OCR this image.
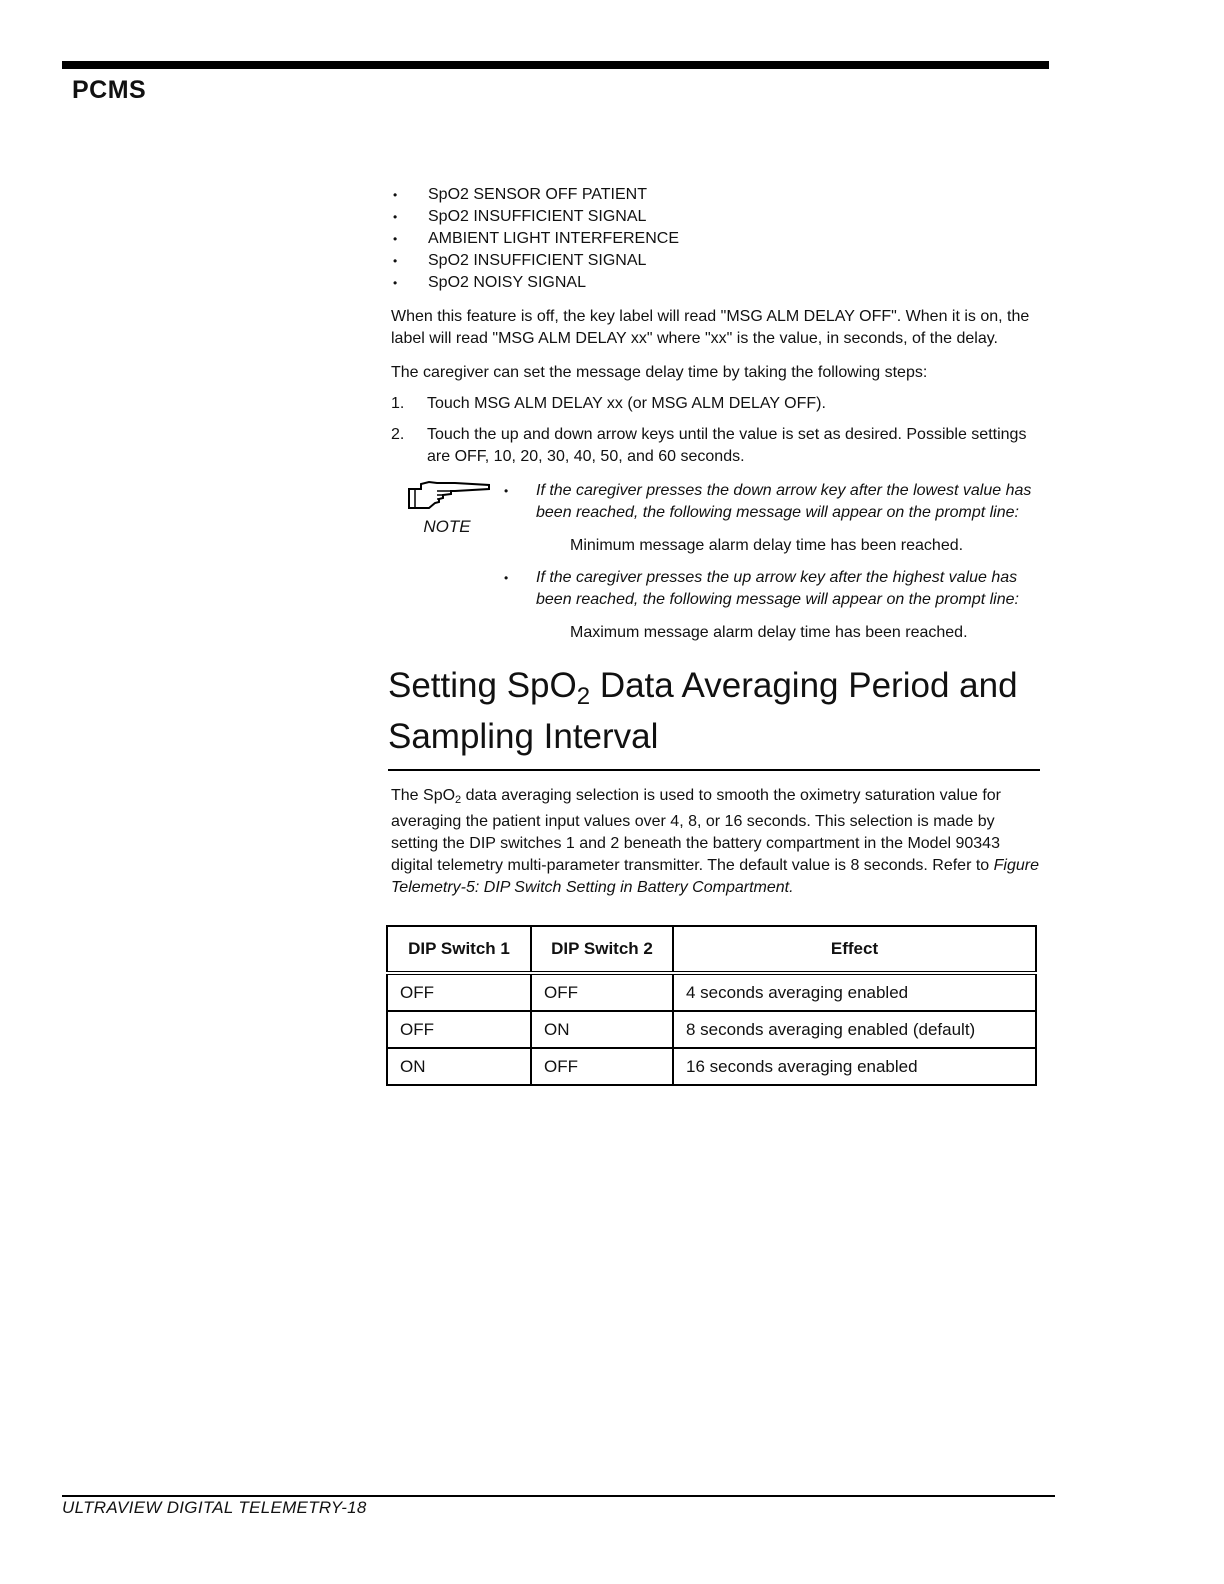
PCMS
• SpO2 SENSOR OFF PATIENT
• SpO2 INSUFFICIENT SIGNAL
• AMBIENT LIGHT INTERFERENCE
• SpO2 INSUFFICIENT SIGNAL
• SpO2 NOISY SIGNAL

When this feature is off, the key label will read "MSG ALM DELAY OFF". When it is on, the label will read "MSG ALM DELAY xx" where "xx" is the value, in seconds, of the delay.

The caregiver can set the message delay time by taking the following steps:

1. Touch MSG ALM DELAY xx (or MSG ALM DELAY OFF).
2. Touch the up and down arrow keys until the value is set as desired. Possible settings are OFF, 10, 20, 30, 40, 50, and 60 seconds.
NOTE
• If the caregiver presses the down arrow key after the lowest value has been reached, the following message will appear on the prompt line:
Minimum message alarm delay time has been reached.
• If the caregiver presses the up arrow key after the highest value has been reached, the following message will appear on the prompt line:
Maximum message alarm delay time has been reached.
Setting SpO$_2$ Data Averaging Period and Sampling Interval

The SpO$_2$ data averaging selection is used to smooth the oximetry saturation value for averaging the patient input values over 4, 8, or 16 seconds. This selection is made by setting the DIP switches 1 and 2 beneath the battery compartment in the Model 90343 digital telemetry multi-parameter transmitter. The default value is 8 seconds. Refer to Figure Telemetry-5: DIP Switch Setting in Battery Compartment.

DIP Switch 1	DIP Switch 2	Effect
OFF	OFF	4 seconds averaging enabled
OFF	ON	8 seconds averaging enabled (default)
ON	OFF	16 seconds averaging enabled
ULTRAVIEW DIGITAL TELEMETRY-18
